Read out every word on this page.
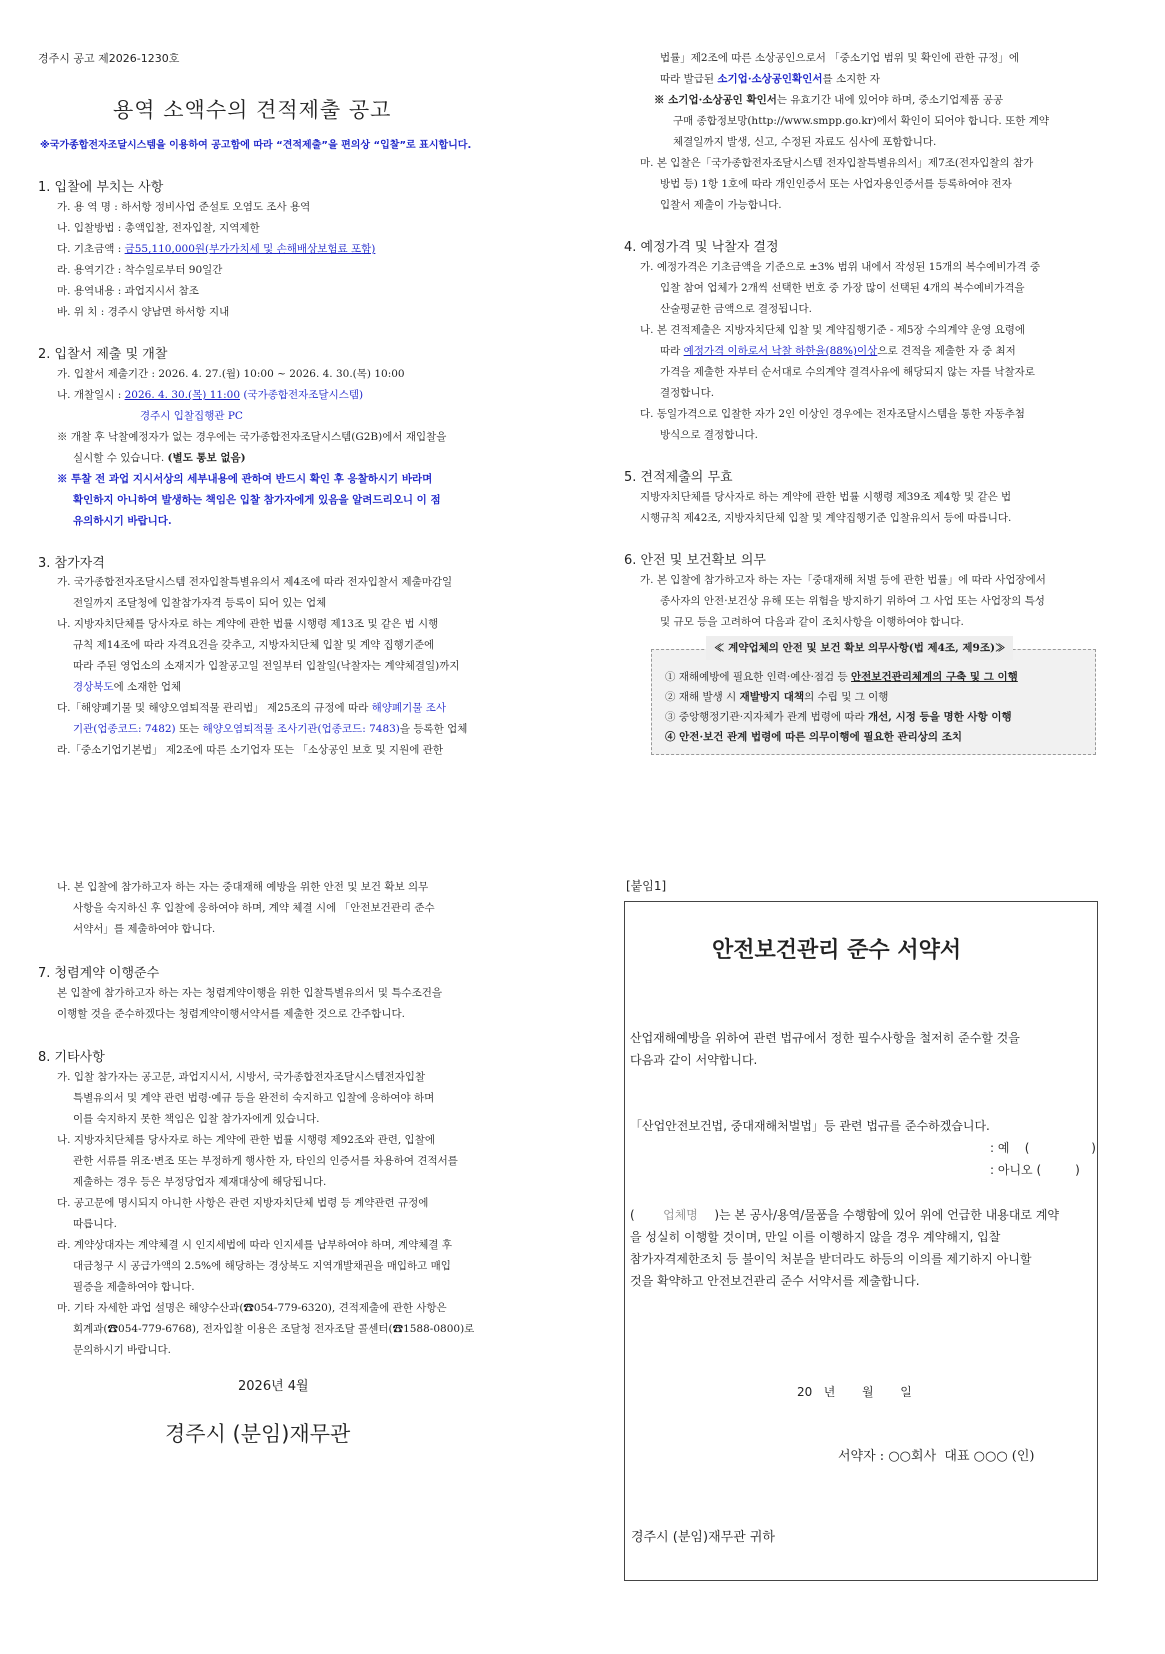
경주시 공고 제2026-1230호
용역 소액수의 견적제출 공고
※국가종합전자조달시스템을 이용하여 공고함에 따라 “견적제출”을 편의상 “입찰”로 표시합니다.
1. 입찰에 부치는 사항
가. 용 역 명 : 하서항 정비사업 준설토 오염도 조사 용역
나. 입찰방법 : 총액입찰, 전자입찰, 지역제한
다. 기초금액 : 금55,110,000원(부가가치세 및 손해배상보험료 포함)
라. 용역기간 : 착수일로부터 90일간
마. 용역내용 : 과업지시서 참조
바. 위 치 : 경주시 양남면 하서항 지내
2. 입찰서 제출 및 개찰
가. 입찰서 제출기간 : 2026. 4. 27.(월) 10:00 ~ 2026. 4. 30.(목) 10:00
나. 개찰일시 : 2026. 4. 30.(목) 11:00 (국가종합전자조달시스템)
경주시 입찰집행관 PC
※ 개찰 후 낙찰예정자가 없는 경우에는 국가종합전자조달시스템(G2B)에서 재입찰을
실시할 수 있습니다. (별도 통보 없음)
※ 투찰 전 과업 지시서상의 세부내용에 관하여 반드시 확인 후 응찰하시기 바라며
확인하지 아니하여 발생하는 책임은 입찰 참가자에게 있음을 알려드리오니 이 점
유의하시기 바랍니다.
3. 참가자격
가. 국가종합전자조달시스템 전자입찰특별유의서 제4조에 따라 전자입찰서 제출마감일
전일까지 조달청에 입찰참가자격 등록이 되어 있는 업체
나. 지방자치단체를 당사자로 하는 계약에 관한 법률 시행령 제13조 및 같은 법 시행
규칙 제14조에 따라 자격요건을 갖추고, 지방자치단체 입찰 및 계약 집행기준에
따라 주된 영업소의 소재지가 입찰공고일 전일부터 입찰일(낙찰자는 계약체결일)까지
경상북도에 소재한 업체
다.「해양폐기물 및 해양오염퇴적물 관리법」 제25조의 규정에 따라 해양폐기물 조사
기관(업종코드: 7482) 또는 해양오염퇴적물 조사기관(업종코드: 7483)을 등록한 업체
라.「중소기업기본법」 제2조에 따른 소기업자 또는 「소상공인 보호 및 지원에 관한
법률」제2조에 따른 소상공인으로서 「중소기업 범위 및 확인에 관한 규정」에
따라 발급된 소기업·소상공인확인서를 소지한 자
※ 소기업·소상공인 확인서는 유효기간 내에 있어야 하며, 중소기업제품 공공
구매 종합정보망(http://www.smpp.go.kr)에서 확인이 되어야 합니다. 또한 계약
체결일까지 발생, 신고, 수정된 자료도 심사에 포함합니다.
마. 본 입찰은「국가종합전자조달시스템 전자입찰특별유의서」제7조(전자입찰의 참가
방법 등) 1항 1호에 따라 개인인증서 또는 사업자용인증서를 등록하여야 전자
입찰서 제출이 가능합니다.
4. 예정가격 및 낙찰자 결정
가. 예정가격은 기초금액을 기준으로 ±3% 범위 내에서 작성된 15개의 복수예비가격 중
입찰 참여 업체가 2개씩 선택한 번호 중 가장 많이 선택된 4개의 복수예비가격을
산술평균한 금액으로 결정됩니다.
나. 본 견적제출은 지방자치단체 입찰 및 계약집행기준 - 제5장 수의계약 운영 요령에
따라 예정가격 이하로서 낙찰 하한율(88%)이상으로 견적을 제출한 자 중 최저
가격을 제출한 자부터 순서대로 수의계약 결격사유에 해당되지 않는 자를 낙찰자로
결정합니다.
다. 동일가격으로 입찰한 자가 2인 이상인 경우에는 전자조달시스템을 통한 자동추첨
방식으로 결정합니다.
5. 견적제출의 무효
지방자치단체를 당사자로 하는 계약에 관한 법률 시행령 제39조 제4항 및 같은 법
시행규칙 제42조, 지방자치단체 입찰 및 계약집행기준 입찰유의서 등에 따릅니다.
6. 안전 및 보건확보 의무
가. 본 입찰에 참가하고자 하는 자는「중대재해 처벌 등에 관한 법률」에 따라 사업장에서
종사자의 안전·보건상 유해 또는 위험을 방지하기 위하여 그 사업 또는 사업장의 특성
및 규모 등을 고려하여 다음과 같이 조치사항을 이행하여야 합니다.
≪ 계약업체의 안전 및 보건 확보 의무사항(법 제4조, 제9조)≫
① 재해예방에 필요한 인력·예산·점검 등 안전보건관리체계의 구축 및 그 이행
② 재해 발생 시 재발방지 대책의 수립 및 그 이행
③ 중앙행정기관·지자체가 관계 법령에 따라 개선, 시정 등을 명한 사항 이행
④ 안전·보건 관계 법령에 따른 의무이행에 필요한 관리상의 조치
나. 본 입찰에 참가하고자 하는 자는 중대재해 예방을 위한 안전 및 보건 확보 의무
사항을 숙지하신 후 입찰에 응하여야 하며, 계약 체결 시에 「안전보건관리 준수
서약서」를 제출하여야 합니다.
7. 청렴계약 이행준수
본 입찰에 참가하고자 하는 자는 청렴계약이행을 위한 입찰특별유의서 및 특수조건을
이행할 것을 준수하겠다는 청렴계약이행서약서를 제출한 것으로 간주합니다.
8. 기타사항
가. 입찰 참가자는 공고문, 과업지시서, 시방서, 국가종합전자조달시스템전자입찰
특별유의서 및 계약 관련 법령·예규 등을 완전히 숙지하고 입찰에 응하여야 하며
이를 숙지하지 못한 책임은 입찰 참가자에게 있습니다.
나. 지방자치단체를 당사자로 하는 계약에 관한 법률 시행령 제92조와 관련, 입찰에
관한 서류를 위조·변조 또는 부정하게 행사한 자, 타인의 인증서를 차용하여 견적서를
제출하는 경우 등은 부정당업자 제재대상에 해당됩니다.
다. 공고문에 명시되지 아니한 사항은 관련 지방자치단체 법령 등 계약관련 규정에
따릅니다.
라. 계약상대자는 계약체결 시 인지세법에 따라 인지세를 납부하여야 하며, 계약체결 후
대금청구 시 공급가액의 2.5%에 해당하는 경상북도 지역개발채권을 매입하고 매입
필증을 제출하여야 합니다.
마. 기타 자세한 과업 설명은 해양수산과(☎054-779-6320), 견적제출에 관한 사항은
회계과(☎054-779-6768), 전자입찰 이용은 조달청 전자조달 콜센터(☎1588-0800)로
문의하시기 바랍니다.
2026년 4월
경주시 (분임)재무관
[붙임1]
안전보건관리 준수 서약서
산업재해예방을 위하여 관련 법규에서 정한 필수사항을 철저히 준수할 것을
다음과 같이 서약합니다.
「산업안전보건법, 중대재해처벌법」등 관련 법규를 준수하겠습니다.
: 예    (	)
: 아니오 (	)
( 업체명 )는 본 공사/용역/물품을 수행함에 있어 위에 언급한 내용대로 계약
을 성실히 이행할 것이며, 만일 이를 이행하지 않을 경우 계약해지, 입찰
참가자격제한조치 등 불이익 처분을 받더라도 하등의 이의를 제기하지 아니할
것을 확약하고 안전보건관리 준수 서약서를 제출합니다.
20   년       월       일
서약자 : ○○회사  대표 ○○○ (인)
경주시 (분임)재무관 귀하
